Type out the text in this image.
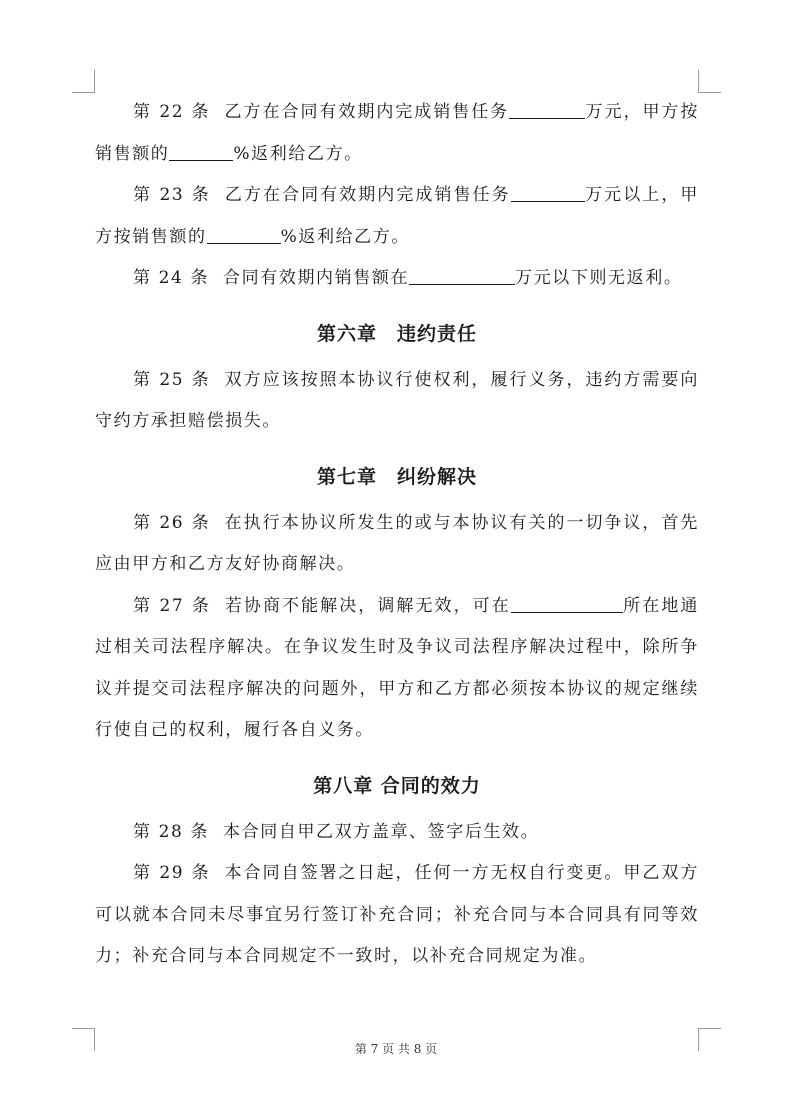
第 22 条 乙方在合同有效期内完成销售任务	万元，甲方按销售额的	%返利给乙方。

第 23 条 乙方在合同有效期内完成销售任务	万元以上，甲方按销售额的	%返利给乙方。

第 24 条 合同有效期内销售额在	万元以下则无返利。

第六章　违约责任

第 25 条 双方应该按照本协议行使权利，履行义务，违约方需要向守约方承担赔偿损失。

第七章　纠纷解决

第 26 条 在执行本协议所发生的或与本协议有关的一切争议，首先应由甲方和乙方友好协商解决。

第 27 条 若协商不能解决，调解无效，可在	所在地通过相关司法程序解决。在争议发生时及争议司法程序解决过程中，除所争议并提交司法程序解决的问题外，甲方和乙方都必须按本协议的规定继续行使自己的权利，履行各自义务。

第八章 合同的效力

第 28 条 本合同自甲乙双方盖章、签字后生效。

第 29 条 本合同自签署之日起，任何一方无权自行变更。甲乙双方可以就本合同未尽事宜另行签订补充合同；补充合同与本合同具有同等效力；补充合同与本合同规定不一致时，以补充合同规定为准。

第 7 页 共 8 页
